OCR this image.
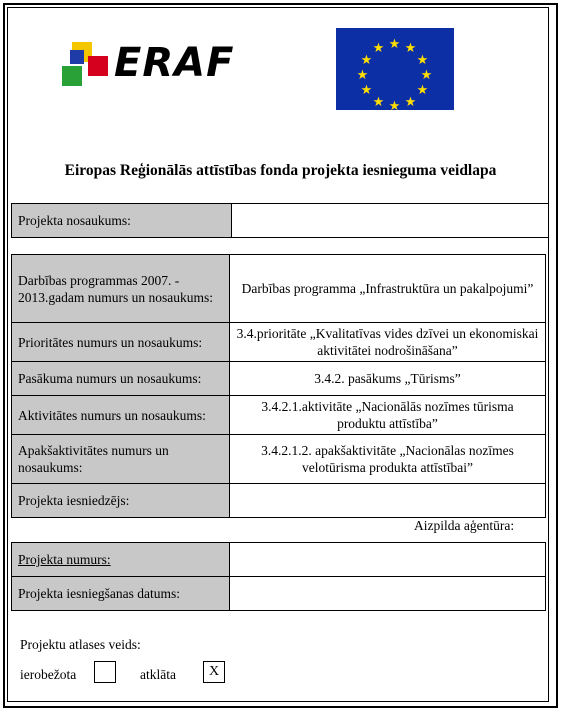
ERAF	★ ★
★
★
★
★
★
★
★
★
★
★
Eiropas Reģionālās attīstības fonda projekta iesnieguma veidlapa
Projekta nosaukums:	
Darbības programmas 2007. - 2013.gadam numurs un nosaukums:	Darbības programma „Infrastruktūra un pakalpojumi”
Prioritātes numurs un nosaukums:	3.4.prioritāte „Kvalitatīvas vides dzīvei un ekonomiskai aktivitātei nodrošināšana”
Pasākuma numurs un nosaukums:	3.4.2. pasākums „Tūrisms”
Aktivitātes numurs un nosaukums:	3.4.2.1.aktivitāte „Nacionālās nozīmes tūrisma produktu attīstība”
Apakšaktivitātes numurs un nosaukums:	3.4.2.1.2. apakšaktivitāte „Nacionālas nozīmes velotūrisma produkta attīstībai”
Projekta iesniedzējs:	
Aizpilda aģentūra:
Projekta numurs:	
Projekta iesniegšanas datums:	
Projektu atlases veids:
ierobežota	atklāta	X
